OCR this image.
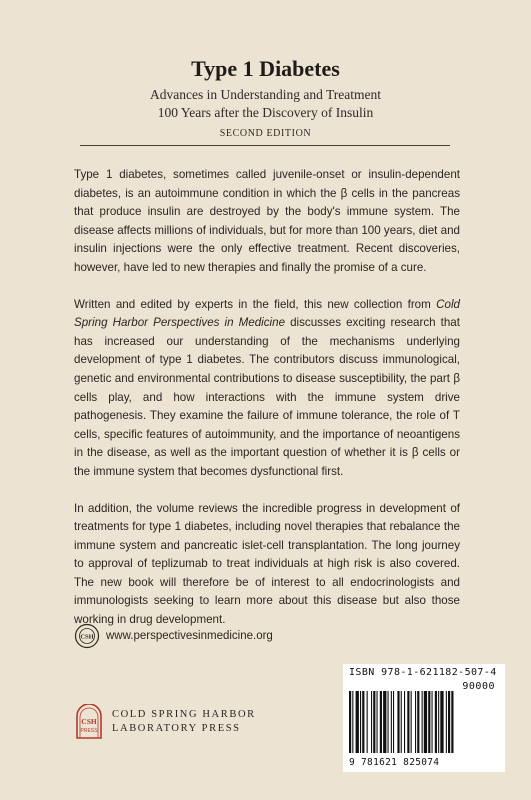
Type 1 Diabetes
Advances in Understanding and Treatment
100 Years after the Discovery of Insulin
SECOND EDITION

Type 1 diabetes, sometimes called juvenile-onset or insulin-dependent diabetes, is an autoimmune condition in which the β cells in the pancreas that produce insulin are destroyed by the body's immune system. The disease affects millions of individuals, but for more than 100 years, diet and insulin injections were the only effective treatment. Recent discoveries, however, have led to new therapies and finally the promise of a cure.

Written and edited by experts in the field, this new collection from Cold Spring Harbor Perspectives in Medicine discusses exciting research that has increased our understanding of the mechanisms underlying development of type 1 diabetes. The contributors discuss immunological, genetic and environmental contributions to disease susceptibility, the part β cells play, and how interactions with the immune system drive pathogenesis. They examine the failure of immune tolerance, the role of T cells, specific features of autoimmunity, and the importance of neoantigens in the disease, as well as the important question of whether it is β cells or the immune system that becomes dysfunctional first.

In addition, the volume reviews the incredible progress in development of treatments for type 1 diabetes, including novel therapies that rebalance the immune system and pancreatic islet-cell transplantation. The long journey to approval of teplizumab to treat individuals at high risk is also covered. The new book will therefore be of interest to all endocrinologists and immunologists seeking to learn more about this disease but also those working in drug development.

CSH www.perspectivesinmedicine.org
ISBN 978-1-621182-507-4
90000
9 781621 825074
CSH
PRESS
COLD SPRING HARBOR
LABORATORY PRESS
